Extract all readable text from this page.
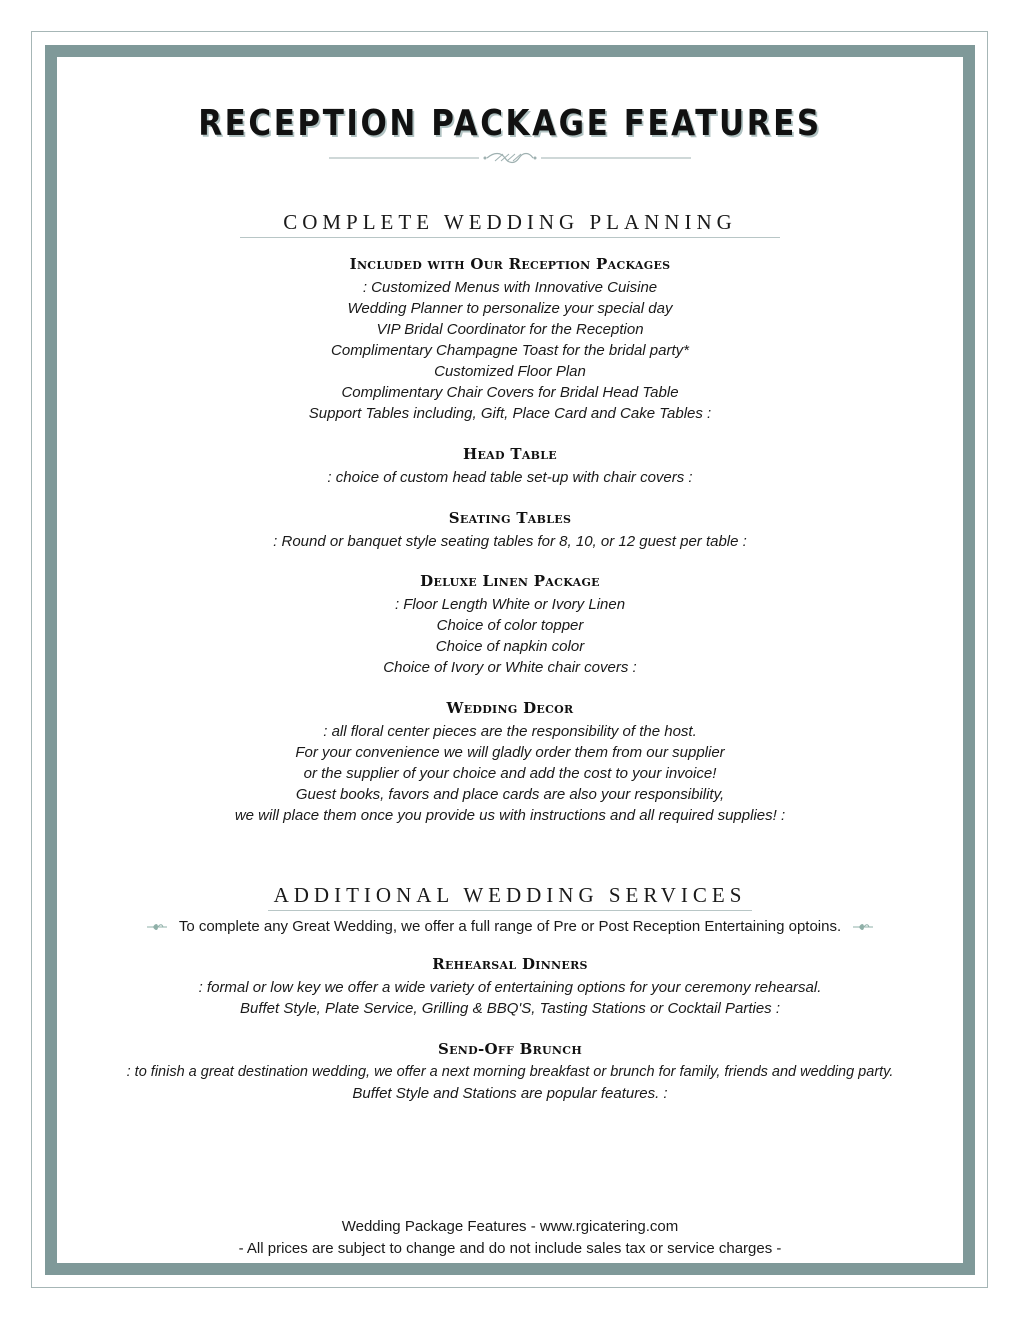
RECEPTION PACKAGE FEATURES
COMPLETE WEDDING PLANNING
Included with Our Reception Packages
: Customized Menus with Innovative Cuisine
Wedding Planner to personalize your special day
VIP Bridal Coordinator for the Reception
Complimentary Champagne Toast for the bridal party*
Customized Floor Plan
Complimentary Chair Covers for Bridal Head Table
Support Tables including, Gift, Place Card and Cake Tables :
Head Table
: choice of custom head table set-up with chair covers :
Seating Tables
: Round or banquet style seating tables for 8, 10, or 12 guest per table :
Deluxe Linen Package
: Floor Length White or Ivory Linen
Choice of color topper
Choice of napkin color
Choice of Ivory or White chair covers :
Wedding Decor
: all floral center pieces are the responsibility of the host.
For your convenience we will gladly order them from our supplier
or the supplier of your choice and add the cost to your invoice!
Guest books, favors and place cards are also your responsibility,
we will place them once you provide us with instructions and all required supplies! :
ADDITIONAL WEDDING SERVICES
To complete any Great Wedding, we offer a full range of Pre or Post Reception Entertaining optoins.
Rehearsal Dinners
: formal or low key we offer a wide variety of entertaining options for your ceremony rehearsal.
Buffet Style, Plate Service, Grilling & BBQ'S, Tasting Stations or Cocktail Parties :
Send-Off Brunch
: to finish a great destination wedding, we offer a next morning breakfast or brunch for family, friends and wedding party.
Buffet Style and Stations are popular features. :
Wedding Package Features - www.rgicatering.com
- All prices are subject to change and do not include sales tax or service charges -
